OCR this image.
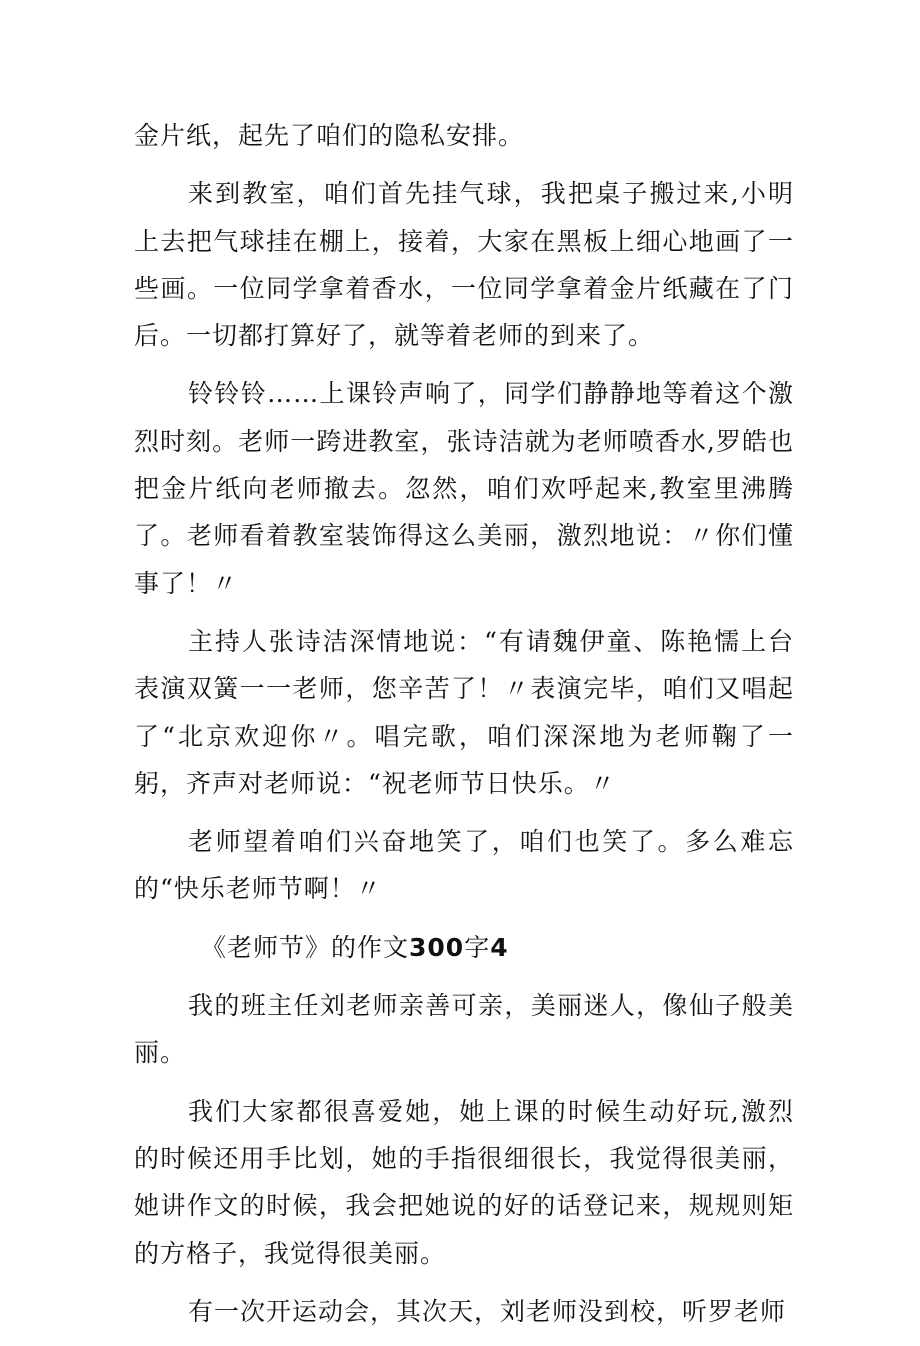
金片纸，起先了咱们的隐私安排。

来到教室，咱们首先挂气球，我把桌子搬过来,小明上去把气球挂在棚上，接着，大家在黑板上细心地画了一些画。一位同学拿着香水，一位同学拿着金片纸藏在了门后。一切都打算好了，就等着老师的到来了。

铃铃铃……上课铃声响了，同学们静静地等着这个激烈时刻。老师一跨进教室，张诗洁就为老师喷香水,罗皓也把金片纸向老师撤去。忽然，咱们欢呼起来,教室里沸腾了。老师看着教室装饰得这么美丽，激烈地说：〃你们懂事了！〃

主持人张诗洁深情地说：“有请魏伊童、陈艳懦上台表演双簧一一老师，您辛苦了！〃表演完毕，咱们又唱起了“北京欢迎你〃。唱完歌，咱们深深地为老师鞠了一躬，齐声对老师说：“祝老师节日快乐。〃

老师望着咱们兴奋地笑了，咱们也笑了。多么难忘的“快乐老师节啊！〃

《老师节》的作文300字4

我的班主任刘老师亲善可亲，美丽迷人，像仙子般美丽。

我们大家都很喜爱她，她上课的时候生动好玩,激烈的时候还用手比划，她的手指很细很长，我觉得很美丽，她讲作文的时候，我会把她说的好的话登记来，规规则矩的方格子，我觉得很美丽。

有一次开运动会，其次天，刘老师没到校，听罗老师
